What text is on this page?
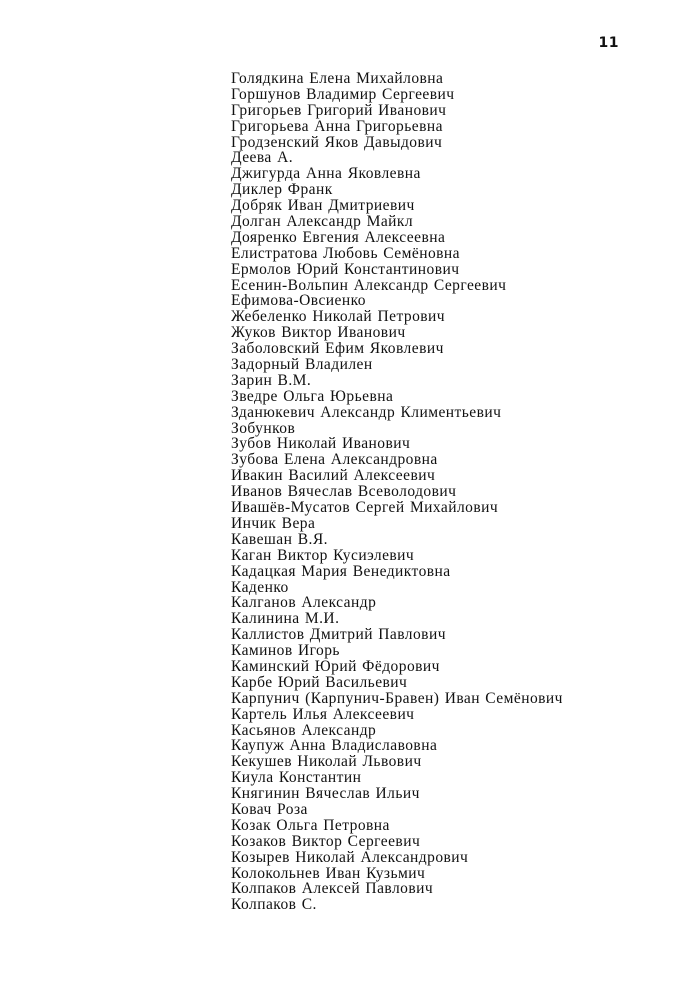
11
Голядкина Елена Михайловна
Горшунов Владимир Сергеевич
Григорьев Григорий Иванович
Григорьева Анна Григорьевна
Гродзенский Яков Давыдович
Деева А.
Джигурда Анна Яковлевна
Диклер Франк
Добряк Иван Дмитриевич
Долган Александр Майкл
Дояренко Евгения Алексеевна
Елистратова Любовь Семёновна
Ермолов Юрий Константинович
Есенин-Вольпин Александр Сергеевич
Ефимова-Овсиенко
Жебеленко Николай Петрович
Жуков Виктор Иванович
Заболовский Ефим Яковлевич
Задорный Владилен
Зарин В.М.
Зведре Ольга Юрьевна
Зданюкевич Александр Климентьевич
Зобунков
Зубов Николай Иванович
Зубова Елена Александровна
Ивакин Василий Алексеевич
Иванов Вячеслав Всеволодович
Ивашёв-Мусатов Сергей Михайлович
Инчик Вера
Кавешан В.Я.
Каган Виктор Кусиэлевич
Кадацкая Мария Венедиктовна
Каденко
Калганов Александр
Калинина М.И.
Каллистов Дмитрий Павлович
Каминов Игорь
Каминский Юрий Фёдорович
Карбе Юрий Васильевич
Карпунич (Карпунич-Бравен) Иван Семёнович
Картель Илья Алексеевич
Касьянов Александр
Каупуж Анна Владиславовна
Кекушев Николай Львович
Киула Константин
Княгинин Вячеслав Ильич
Ковач Роза
Козак Ольга Петровна
Козаков Виктор Сергеевич
Козырев Николай Александрович
Колокольнев Иван Кузьмич
Колпаков Алексей Павлович
Колпаков С.
